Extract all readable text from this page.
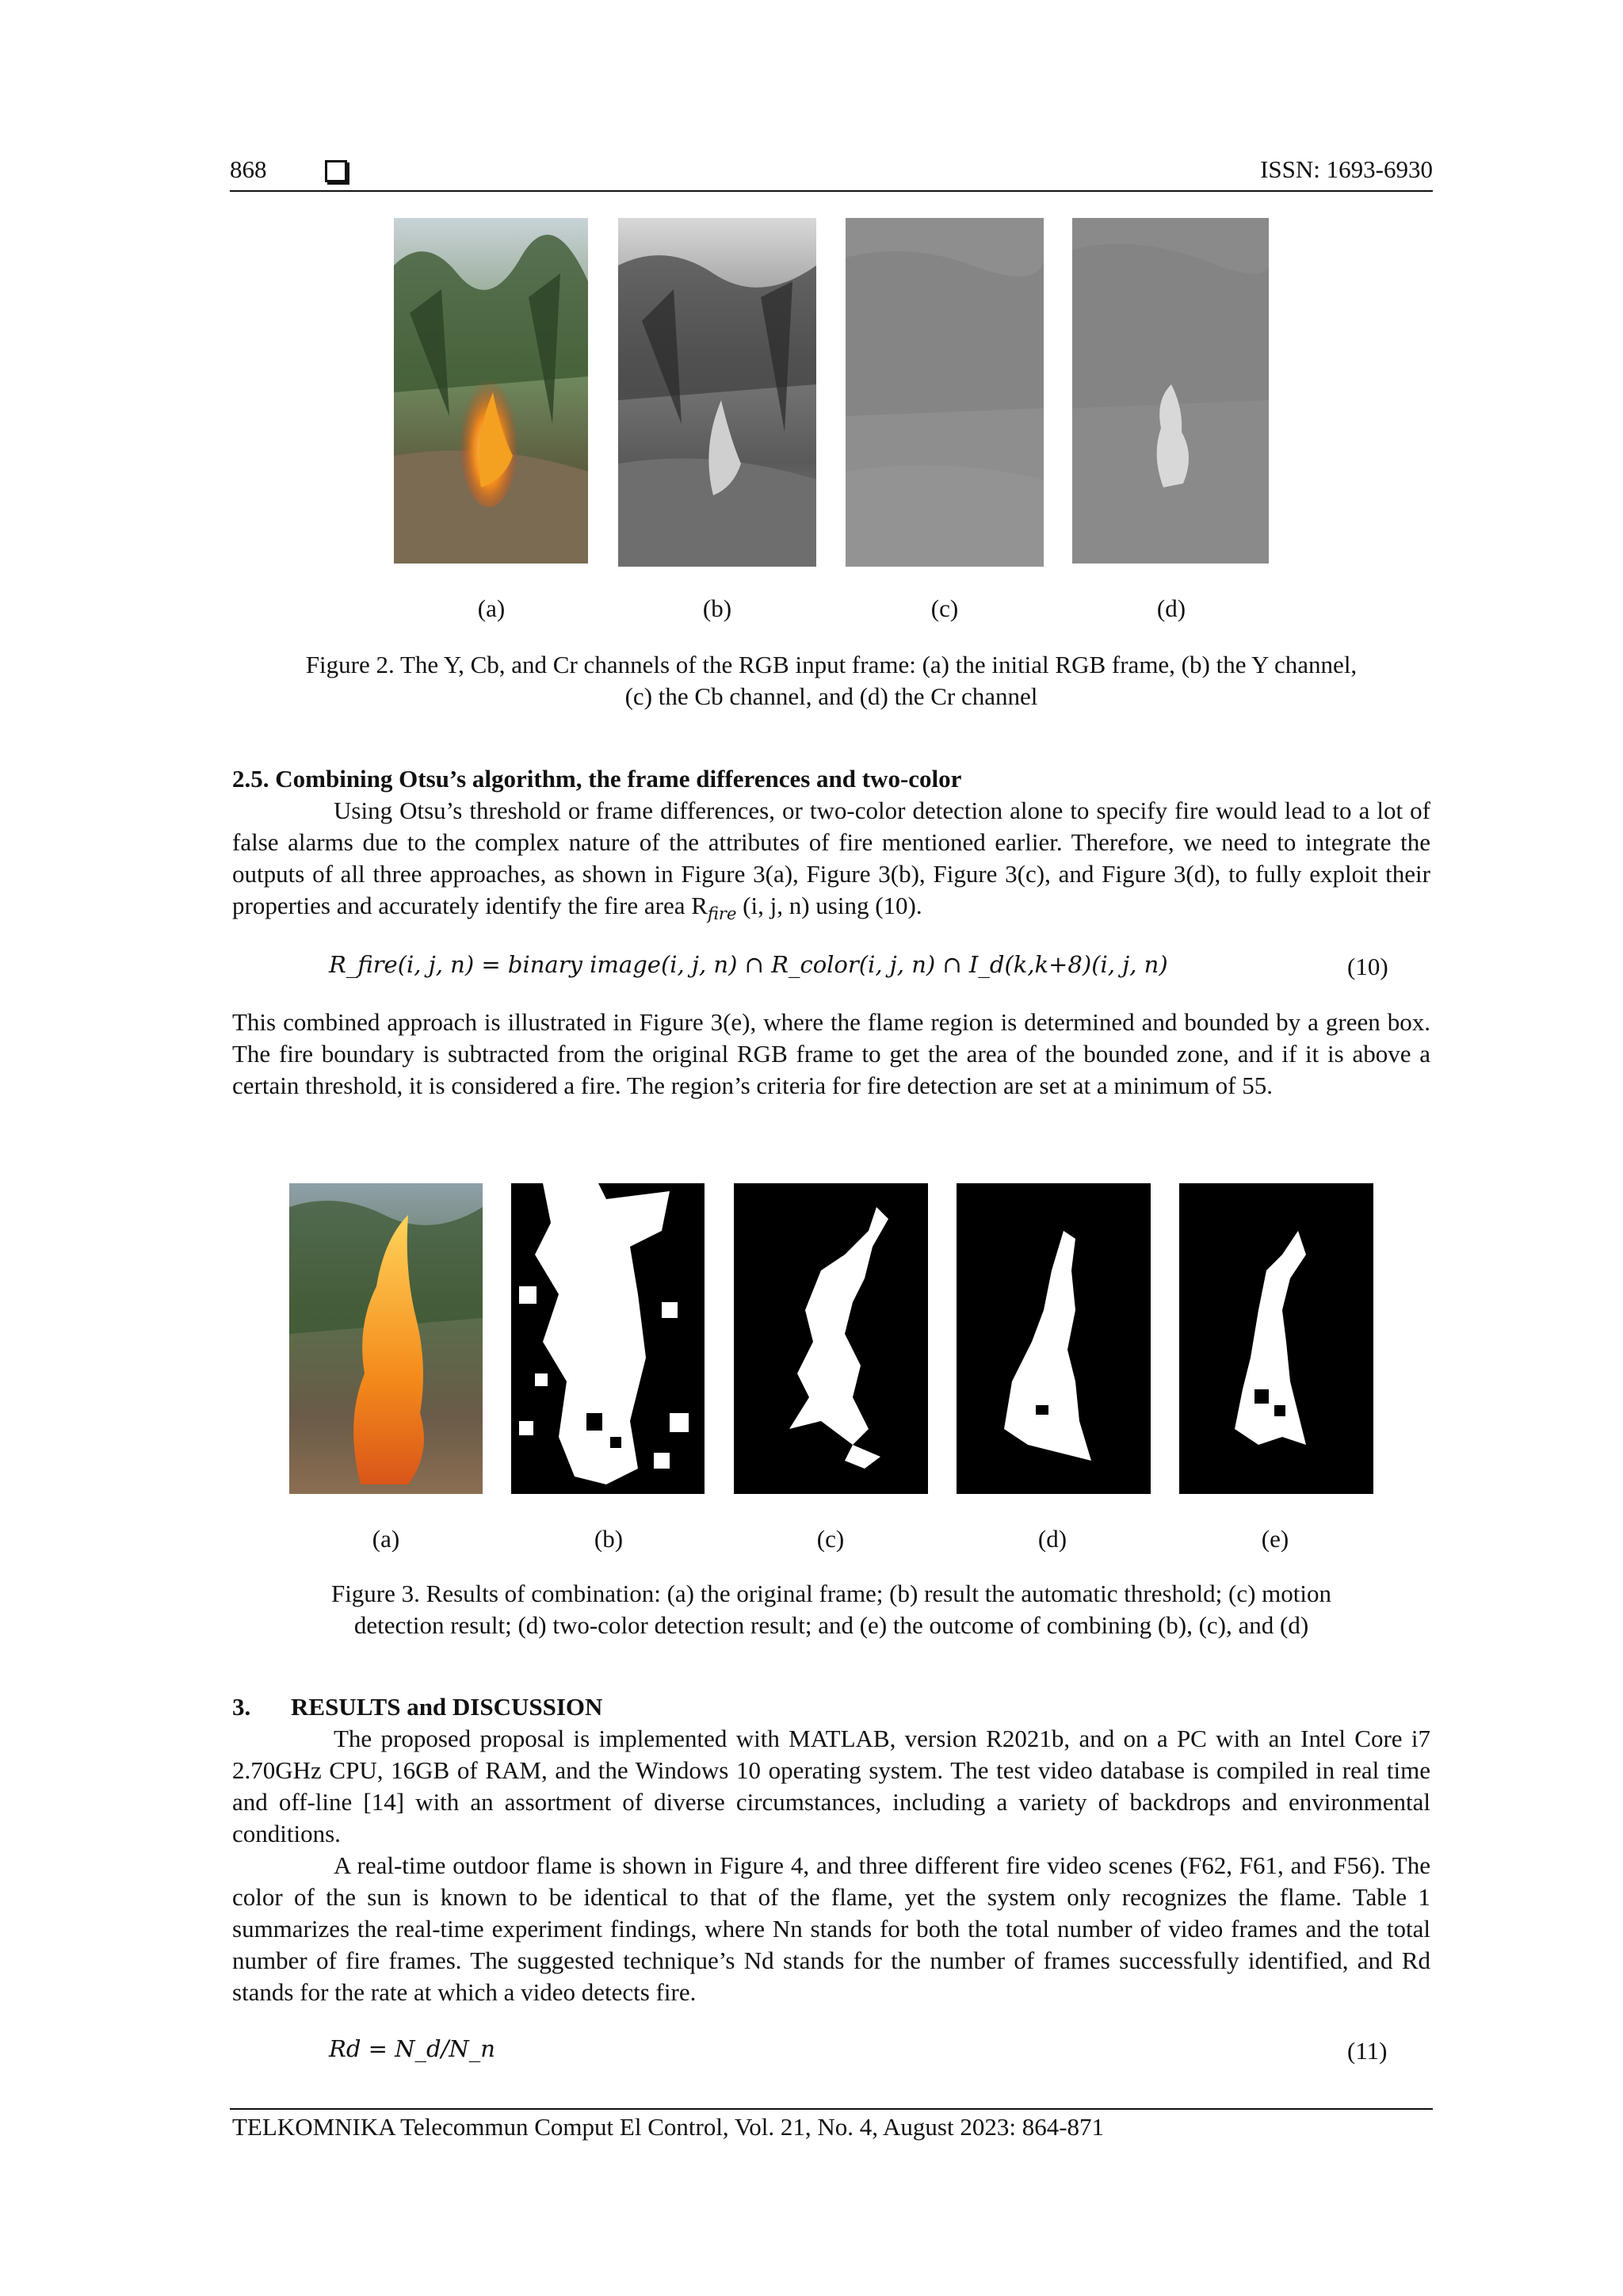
868	ISSN: 1693-6930
(a)	(b)	(c)	(d)
Figure 2. The Y, Cb, and Cr channels of the RGB input frame: (a) the initial RGB frame, (b) the Y channel,
(c) the Cb channel, and (d) the Cr channel
2.5. Combining Otsu’s algorithm, the frame differences and two-color
Using Otsu’s threshold or frame differences, or two-color detection alone to specify fire would lead to a lot of false alarms due to the complex nature of the attributes of fire mentioned earlier. Therefore, we need to integrate the outputs of all three approaches, as shown in Figure 3(a), Figure 3(b), Figure 3(c), and Figure 3(d), to fully exploit their properties and accurately identify the fire area $R_{fire}$ (i, j, n) using (10).
R_fire(i, j, n) = binary image(i, j, n) ∩ R_color(i, j, n) ∩ I_d(k,k+8)(i, j, n)	(10)
This combined approach is illustrated in Figure 3(e), where the flame region is determined and bounded by a green box. The fire boundary is subtracted from the original RGB frame to get the area of the bounded zone, and if it is above a certain threshold, it is considered a fire. The region’s criteria for fire detection are set at a minimum of 55.
(a)	(b)	(c)	(d)	(e)
Figure 3. Results of combination: (a) the original frame; (b) result the automatic threshold; (c) motion
detection result; (d) two-color detection result; and (e) the outcome of combining (b), (c), and (d)
3. RESULTS and DISCUSSION
The proposed proposal is implemented with MATLAB, version R2021b, and on a PC with an Intel Core i7 2.70GHz CPU, 16GB of RAM, and the Windows 10 operating system. The test video database is compiled in real time and off-line [14] with an assortment of diverse circumstances, including a variety of backdrops and environmental conditions.
A real-time outdoor flame is shown in Figure 4, and three different fire video scenes (F62, F61, and F56). The color of the sun is known to be identical to that of the flame, yet the system only recognizes the flame. Table 1 summarizes the real-time experiment findings, where Nn stands for both the total number of video frames and the total number of fire frames. The suggested technique’s Nd stands for the number of frames successfully identified, and Rd stands for the rate at which a video detects fire.
Rd = N_d/N_n	(11)
TELKOMNIKA Telecommun Comput El Control, Vol. 21, No. 4, August 2023: 864-871
